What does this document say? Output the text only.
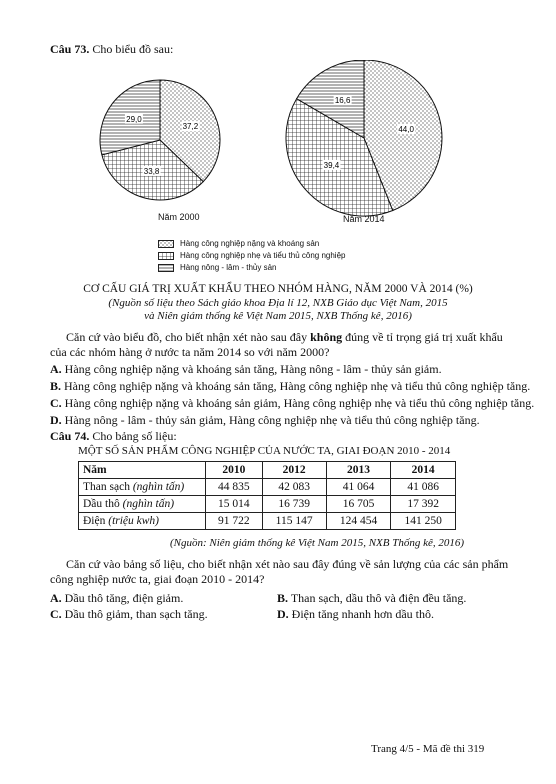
Câu 73. Cho biểu đồ sau:
37,2
33,8
29,0
44,0
39,4
16,6
Năm 2000	Năm 2014
Hàng công nghiệp nặng và khoáng sản
Hàng công nghiệp nhẹ và tiểu thủ công nghiệp
Hàng nông - lâm - thủy sản
CƠ CẤU GIÁ TRỊ XUẤT KHẨU THEO NHÓM HÀNG, NĂM 2000 VÀ 2014 (%)
(Nguồn số liệu theo Sách giáo khoa Địa lí 12, NXB Giáo dục Việt Nam, 2015
và Niên giám thống kê Việt Nam 2015, NXB Thống kê, 2016)
Căn cứ vào biểu đồ, cho biết nhận xét nào sau đây không đúng về tỉ trọng giá trị xuất khẩu
của các nhóm hàng ở nước ta năm 2014 so với năm 2000?
A. Hàng công nghiệp nặng và khoáng sản tăng, Hàng nông - lâm - thủy sản giảm.
B. Hàng công nghiệp nặng và khoáng sản tăng, Hàng công nghiệp nhẹ và tiểu thủ công nghiệp tăng.
C. Hàng công nghiệp nặng và khoáng sản giảm, Hàng công nghiệp nhẹ và tiểu thủ công nghiệp tăng.
D. Hàng nông - lâm - thủy sản giảm, Hàng công nghiệp nhẹ và tiểu thủ công nghiệp tăng.
Câu 74. Cho bảng số liệu:
MỘT SỐ SẢN PHẨM CÔNG NGHIỆP CỦA NƯỚC TA, GIAI ĐOẠN 2010 - 2014
Năm	2010	2012	2013	2014
Than sạch (nghìn tấn)	44 835	42 083	41 064	41 086
Dầu thô (nghìn tấn)	15 014	16 739	16 705	17 392
Điện (triệu kwh)	91 722	115 147	124 454	141 250
(Nguồn: Niên giám thống kê Việt Nam 2015, NXB Thống kê, 2016)
Căn cứ vào bảng số liệu, cho biết nhận xét nào sau đây đúng về sản lượng của các sản phẩm
công nghiệp nước ta, giai đoạn 2010 - 2014?
A. Dầu thô tăng, điện giảm.	B. Than sạch, dầu thô và điện đều tăng.
C. Dầu thô giảm, than sạch tăng.	D. Điện tăng nhanh hơn dầu thô.
Trang 4/5 - Mã đề thi 319
